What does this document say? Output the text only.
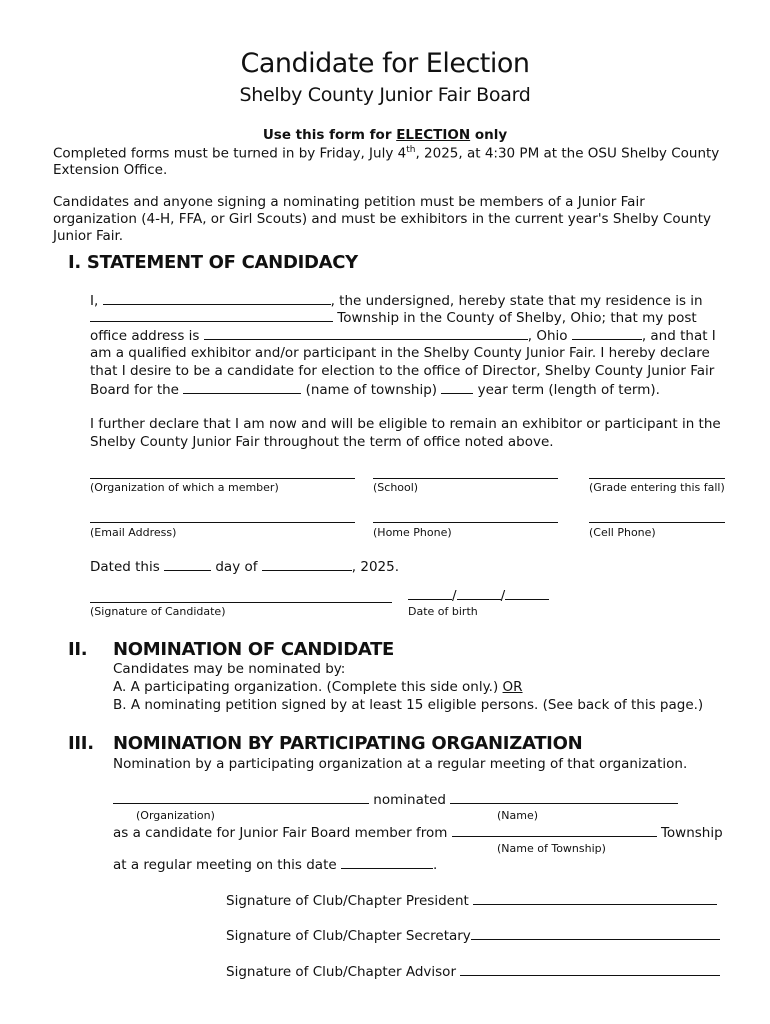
Candidate for Election
Shelby County Junior Fair Board
Use this form for ELECTION only
Completed forms must be turned in by Friday, July 4th, 2025, at 4:30 PM at the OSU Shelby County
Extension Office.
Candidates and anyone signing a nominating petition must be members of a Junior Fair
organization (4-H, FFA, or Girl Scouts) and must be exhibitors in the current year's Shelby County
Junior Fair.
I. STATEMENT OF CANDIDACY
I,	, the undersigned, hereby state that my residence is in
Township in the County of Shelby, Ohio; that my post
office address is	, Ohio	, and that I
am a qualified exhibitor and/or participant in the Shelby County Junior Fair. I hereby declare
that I desire to be a candidate for election to the office of Director, Shelby County Junior Fair
Board for the	(name of township)  year term (length of term).
I further declare that I am now and will be eligible to remain an exhibitor or participant in the
Shelby County Junior Fair throughout the term of office noted above.
(Organization of which a member)	(School)	(Grade entering this fall)
(Email Address)	(Home Phone)	(Cell Phone)
Dated this	day of	, 2025.
/	/
(Signature of Candidate)	Date of birth
II. NOMINATION OF CANDIDATE
Candidates may be nominated by:
A. A participating organization. (Complete this side only.) OR
B. A nominating petition signed by at least 15 eligible persons. (See back of this page.)
III. NOMINATION BY PARTICIPATING ORGANIZATION
Nomination by a participating organization at a regular meeting of that organization.
nominated
(Organization)	(Name)
as a candidate for Junior Fair Board member from	Township
(Name of Township)
at a regular meeting on this date	.
Signature of Club/Chapter President
Signature of Club/Chapter Secretary
Signature of Club/Chapter Advisor
